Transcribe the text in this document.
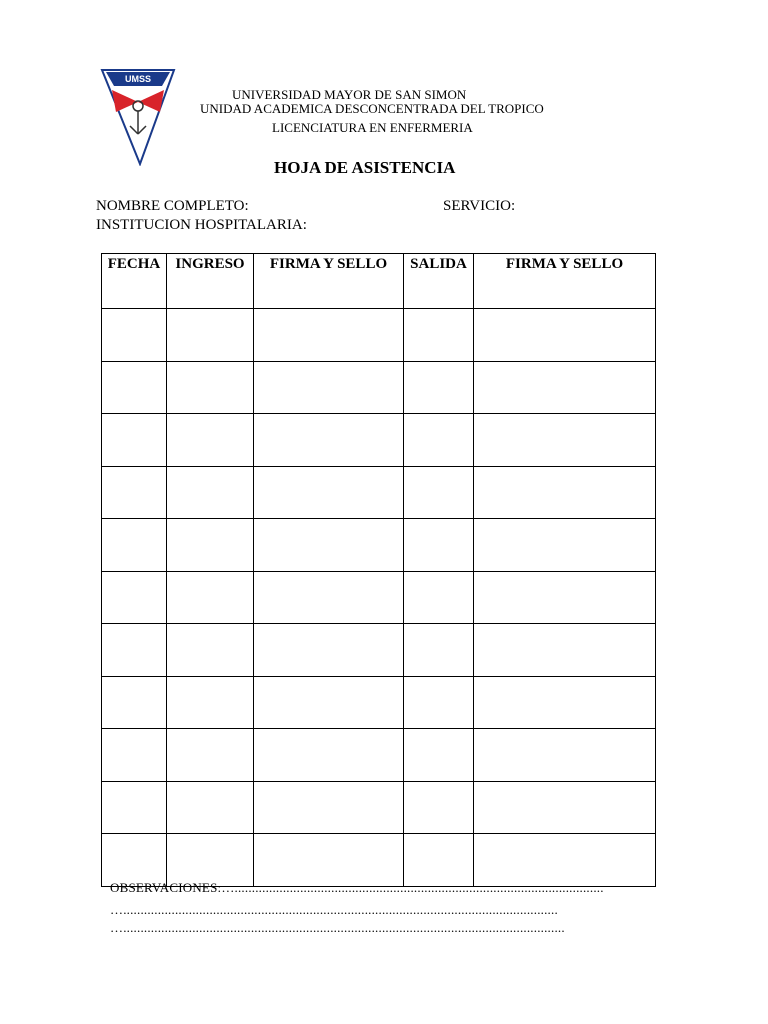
UMSS
UNIVERSIDAD MAYOR DE SAN SIMON
UNIDAD ACADEMICA DESCONCENTRADA DEL TROPICO
LICENCIATURA EN ENFERMERIA
HOJA DE ASISTENCIA
NOMBRE COMPLETO:	SERVICIO:
INSTITUCION HOSPITALARIA:
FECHA	INGRESO	FIRMA Y SELLO	SALIDA	FIRMA Y SELLO

OBSERVACIONES:…...........................................................................................................
…..............................................................................................................................
…................................................................................................................................
